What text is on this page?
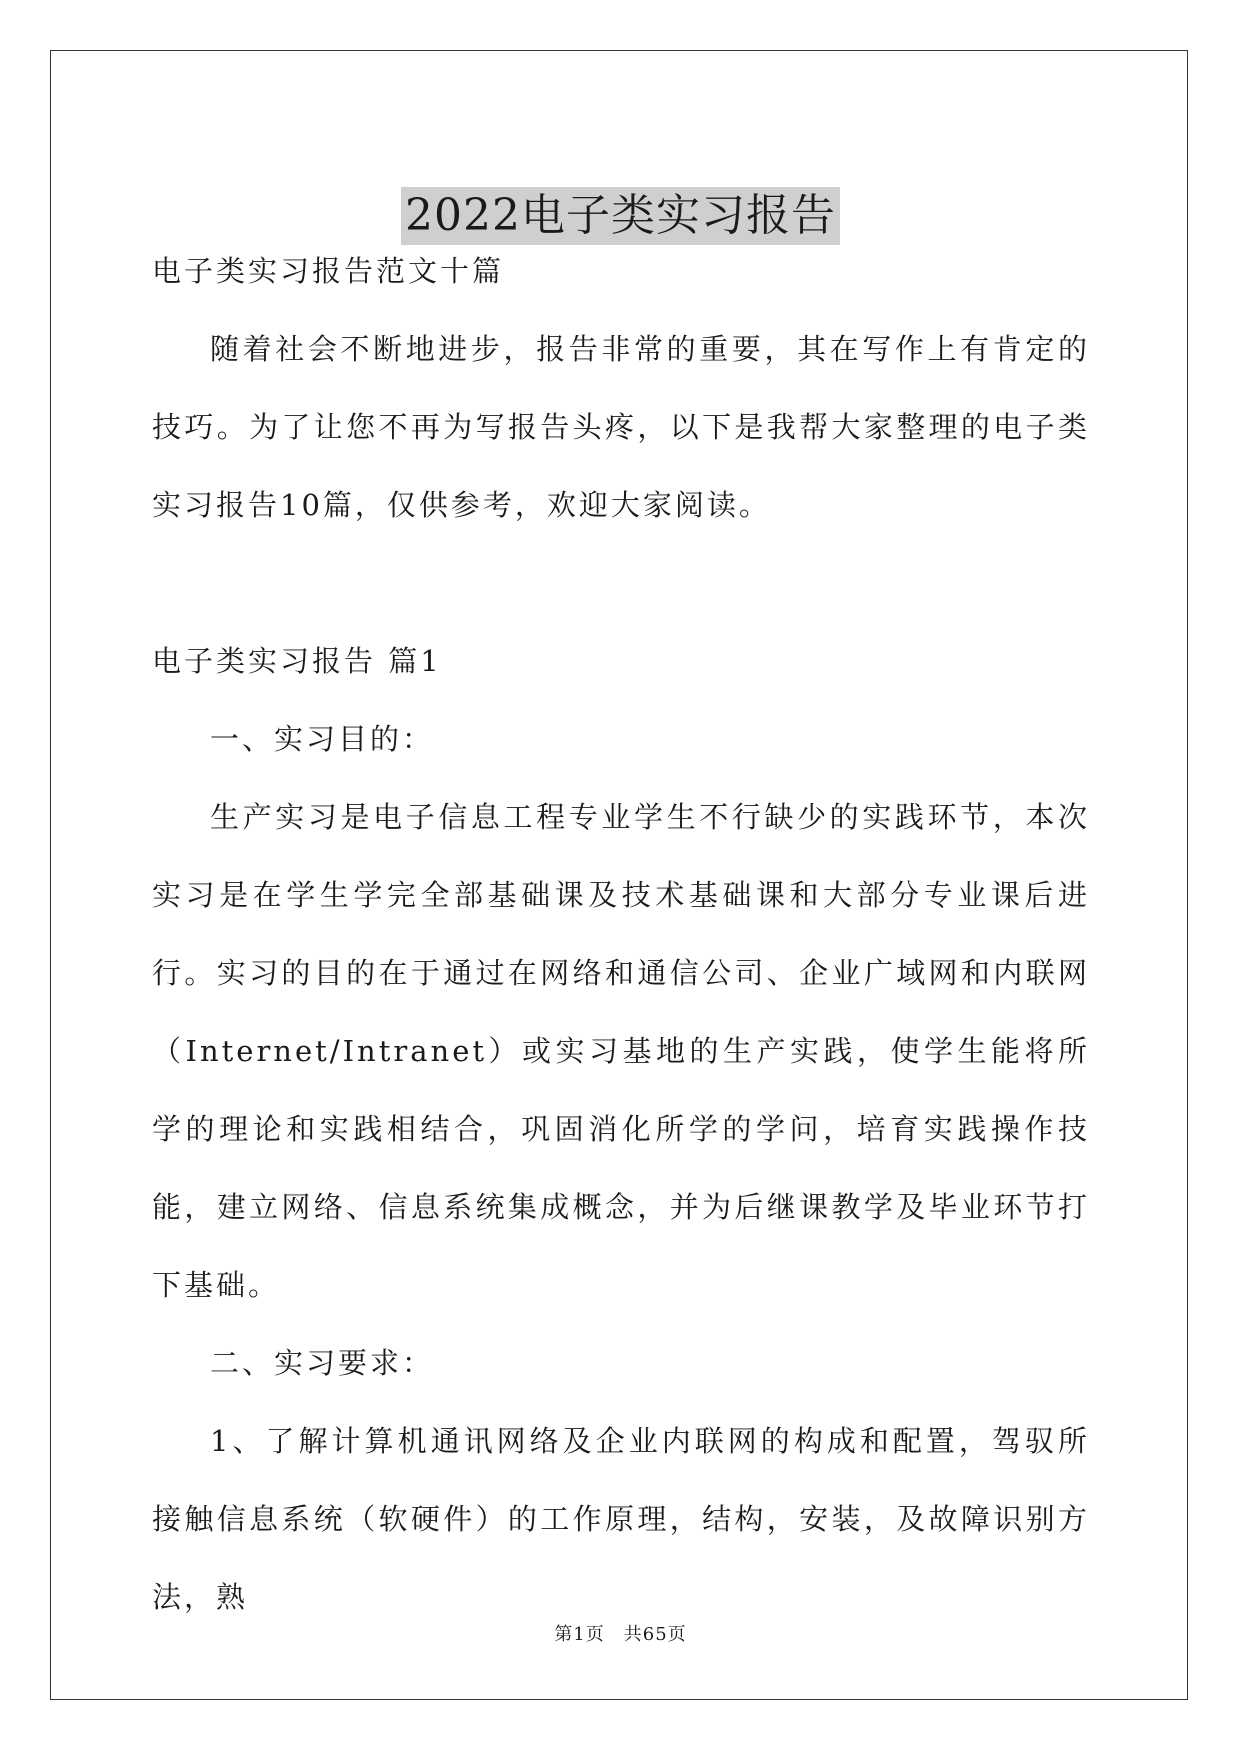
2022电子类实习报告

电子类实习报告范文十篇

随着社会不断地进步，报告非常的重要，其在写作上有肯定的技巧。为了让您不再为写报告头疼，以下是我帮大家整理的电子类实习报告10篇，仅供参考，欢迎大家阅读。

电子类实习报告 篇1

一、实习目的：

生产实习是电子信息工程专业学生不行缺少的实践环节，本次实习是在学生学完全部基础课及技术基础课和大部分专业课后进行。实习的目的在于通过在网络和通信公司、企业广域网和内联网（Internet/Intranet）或实习基地的生产实践，使学生能将所学的理论和实践相结合，巩固消化所学的学问，培育实践操作技能，建立网络、信息系统集成概念，并为后继课教学及毕业环节打下基础。

二、实习要求：

1、了解计算机通讯网络及企业内联网的构成和配置，驾驭所接触信息系统（软硬件）的工作原理，结构，安装，及故障识别方法，熟

第1页　共65页
